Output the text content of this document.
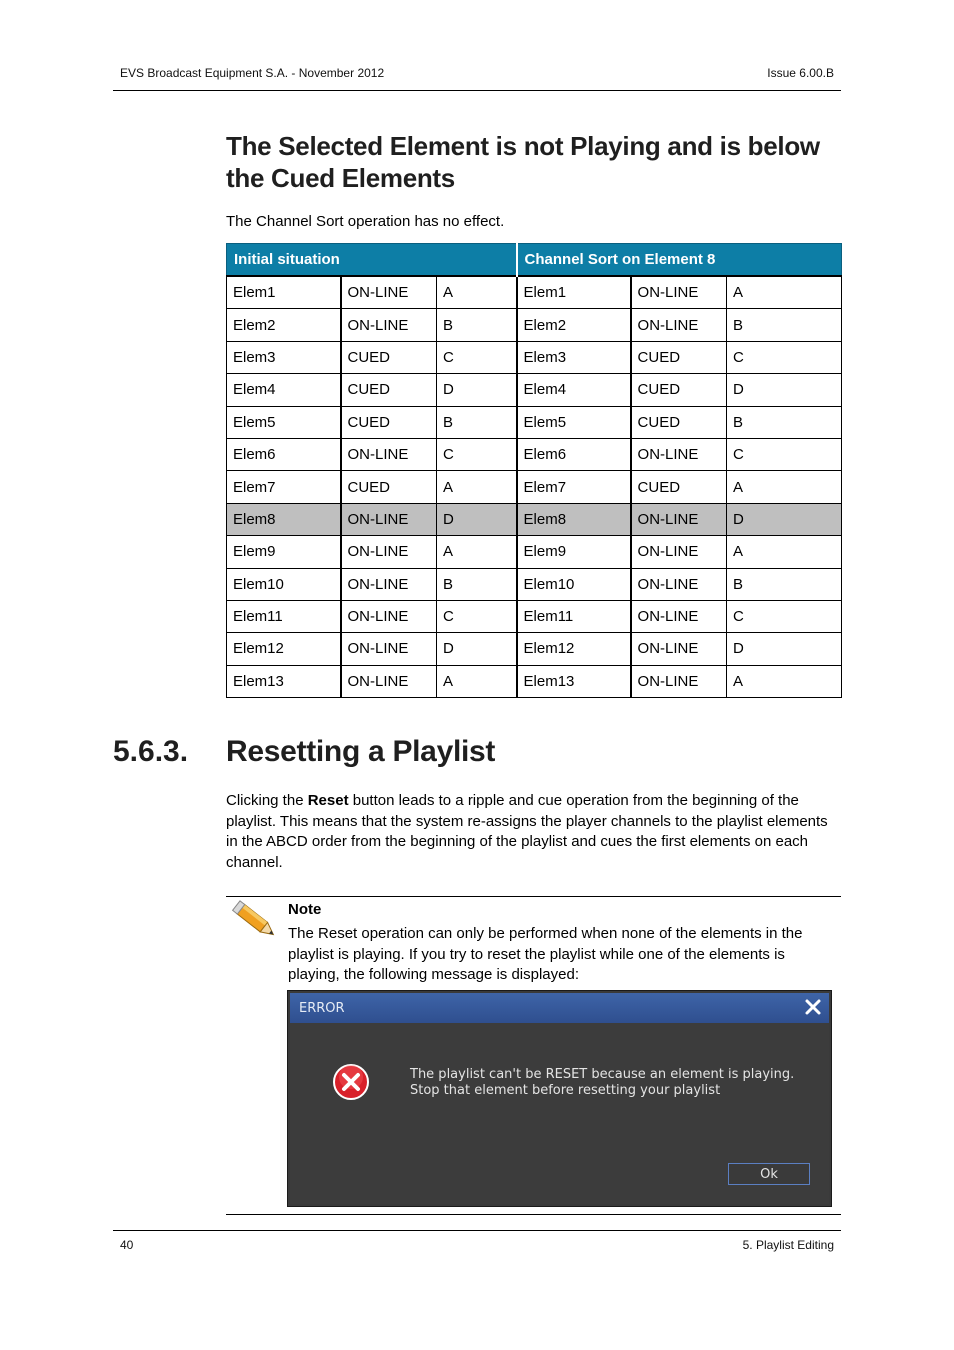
EVS Broadcast Equipment S.A. - November 2012	Issue 6.00.B
The Selected Element is not Playing and is below the Cued Elements
The Channel Sort operation has no effect.
Initial situation			Channel Sort on Element 8		
Elem1	ON-LINE	A	Elem1	ON-LINE	A
Elem2	ON-LINE	B	Elem2	ON-LINE	B
Elem3	CUED	C	Elem3	CUED	C
Elem4	CUED	D	Elem4	CUED	D
Elem5	CUED	B	Elem5	CUED	B
Elem6	ON-LINE	C	Elem6	ON-LINE	C
Elem7	CUED	A	Elem7	CUED	A
Elem8	ON-LINE	D	Elem8	ON-LINE	D
Elem9	ON-LINE	A	Elem9	ON-LINE	A
Elem10	ON-LINE	B	Elem10	ON-LINE	B
Elem11	ON-LINE	C	Elem11	ON-LINE	C
Elem12	ON-LINE	D	Elem12	ON-LINE	D
Elem13	ON-LINE	A	Elem13	ON-LINE	A
5.6.3. Resetting a Playlist
Clicking the Reset button leads to a ripple and cue operation from the beginning of the playlist. This means that the system re-assigns the player channels to the playlist elements in the ABCD order from the beginning of the playlist and cues the first elements on each channel.
Note
The Reset operation can only be performed when none of the elements in the playlist is playing. If you try to reset the playlist while one of the elements is playing, the following message is displayed:
ERROR
The playlist can't be RESET because an element is playing. Stop that element before resetting your playlist
Ok
40	5. Playlist Editing
